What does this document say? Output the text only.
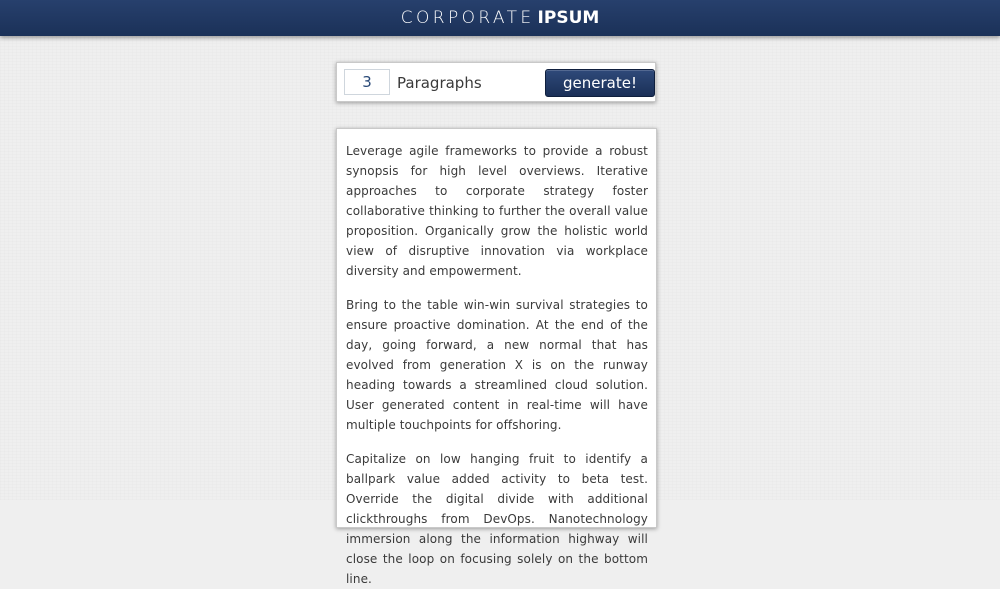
CORPORATE IPSUM
3
Paragraphs	generate!

Leverage agile frameworks to provide a robust synopsis for high level overviews. Iterative approaches to corporate strategy foster collaborative thinking to further the overall value proposition. Organically grow the holistic world view of disruptive innovation via workplace diversity and empowerment.

Bring to the table win-win survival strategies to ensure proactive domination. At the end of the day, going forward, a new normal that has evolved from generation X is on the runway heading towards a streamlined cloud solution. User generated content in real-time will have multiple touchpoints for offshoring.

Capitalize on low hanging fruit to identify a ballpark value added activity to beta test. Override the digital divide with additional clickthroughs from DevOps. Nanotechnology immersion along the information highway will close the loop on focusing solely on the bottom line.
